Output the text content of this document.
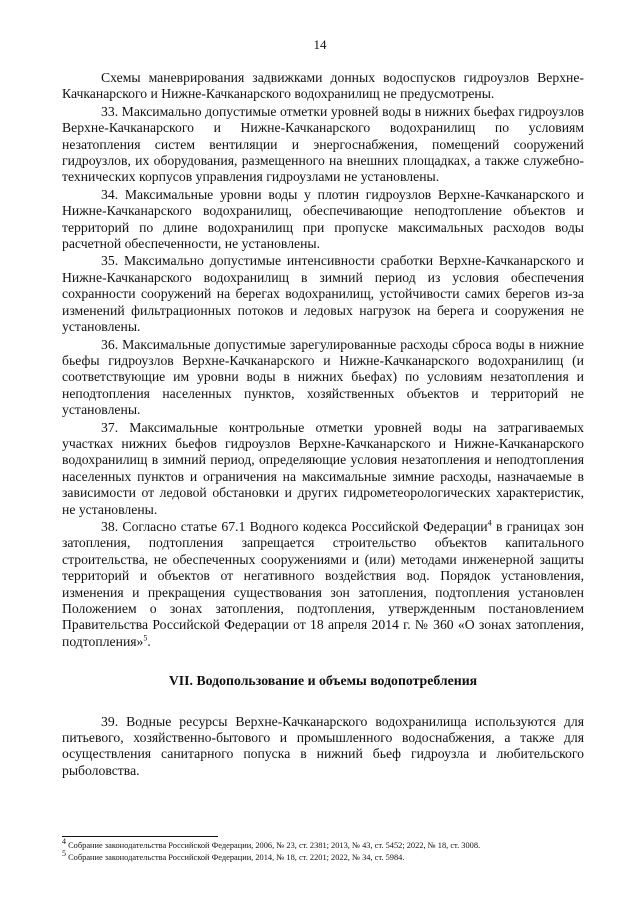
14

Схемы маневрирования задвижками донных водоспусков гидроузлов Верхне-Качканарского и Нижне-Качканарского водохранилищ не предусмотрены.

33. Максимально допустимые отметки уровней воды в нижних бьефах гидроузлов Верхне-Качканарского и Нижне-Качканарского водохранилищ по условиям незатопления систем вентиляции и энергоснабжения, помещений сооружений гидроузлов, их оборудования, размещенного на внешних площадках, а также служебно-технических корпусов управления гидроузлами не установлены.

34. Максимальные уровни воды у плотин гидроузлов Верхне-Качканарского и Нижне-Качканарского водохранилищ, обеспечивающие неподтопление объектов и территорий по длине водохранилищ при пропуске максимальных расходов воды расчетной обеспеченности, не установлены.

35. Максимально допустимые интенсивности сработки Верхне-Качканарского и Нижне-Качканарского водохранилищ в зимний период из условия обеспечения сохранности сооружений на берегах водохранилищ, устойчивости самих берегов из-за изменений фильтрационных потоков и ледовых нагрузок на берега и сооружения не установлены.

36. Максимальные допустимые зарегулированные расходы сброса воды в нижние бьефы гидроузлов Верхне-Качканарского и Нижне-Качканарского водохранилищ (и соответствующие им уровни воды в нижних бьефах) по условиям незатопления и неподтопления населенных пунктов, хозяйственных объектов и территорий не установлены.

37. Максимальные контрольные отметки уровней воды на затрагиваемых участках нижних бьефов гидроузлов Верхне-Качканарского и Нижне-Качканарского водохранилищ в зимний период, определяющие условия незатопления и неподтопления населенных пунктов и ограничения на максимальные зимние расходы, назначаемые в зависимости от ледовой обстановки и других гидрометеорологических характеристик, не установлены.

38. Согласно статье 67.1 Водного кодекса Российской Федерации$^4$ в границах зон затопления, подтопления запрещается строительство объектов капитального строительства, не обеспеченных сооружениями и (или) методами инженерной защиты территорий и объектов от негативного воздействия вод. Порядок установления, изменения и прекращения существования зон затопления, подтопления установлен Положением о зонах затопления, подтопления, утвержденным постановлением Правительства Российской Федерации от 18 апреля 2014 г. № 360 «О зонах затопления, подтопления»$^5$.

VII. Водопользование и объемы водопотребления

39. Водные ресурсы Верхне-Качканарского водохранилища используются для питьевого, хозяйственно-бытового и промышленного водоснабжения, а также для осуществления санитарного попуска в нижний бьеф гидроузла и любительского рыболовства.

$^4$ Собрание законодательства Российской Федерации, 2006, № 23, ст. 2381; 2013, № 43, ст. 5452; 2022, № 18, ст. 3008.

$^5$ Собрание законодательства Российской Федерации, 2014, № 18, ст. 2201; 2022, № 34, ст. 5984.
